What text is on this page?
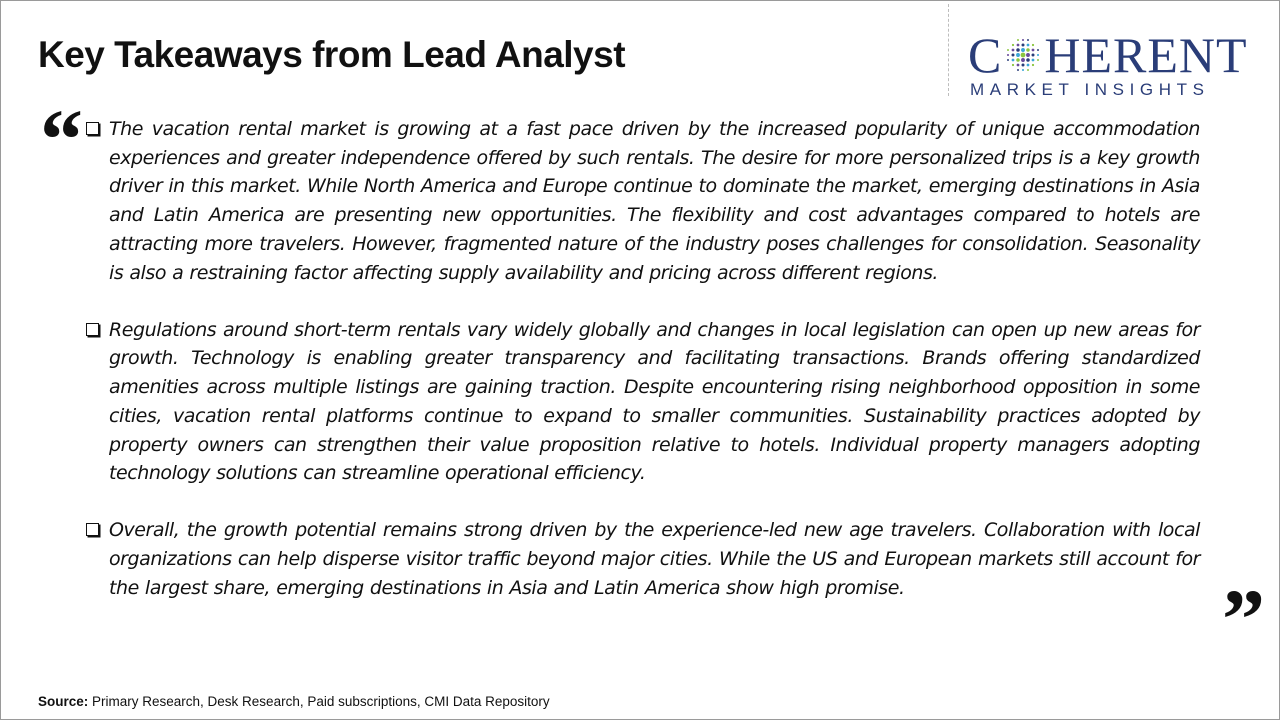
Key Takeaways from Lead Analyst	C HERENT
MARKET INSIGHTS
“	The vacation rental market is growing at a fast pace driven by the increased popularity of unique accommodation experiences and greater independence offered by such rentals. The desire for more personalized trips is a key growth driver in this market. While North America and Europe continue to dominate the market, emerging destinations in Asia and Latin America are presenting new opportunities. The flexibility and cost advantages compared to hotels are attracting more travelers. However, fragmented nature of the industry poses challenges for consolidation. Seasonality is also a restraining factor affecting supply availability and pricing across different regions.

Regulations around short-term rentals vary widely globally and changes in local legislation can open up new areas for growth. Technology is enabling greater transparency and facilitating transactions. Brands offering standardized amenities across multiple listings are gaining traction. Despite encountering rising neighborhood opposition in some cities, vacation rental platforms continue to expand to smaller communities. Sustainability practices adopted by property owners can strengthen their value proposition relative to hotels. Individual property managers adopting technology solutions can streamline operational efficiency.

Overall, the growth potential remains strong driven by the experience-led new age travelers. Collaboration with local organizations can help disperse visitor traffic beyond major cities. While the US and European markets still account for the largest share, emerging destinations in Asia and Latin America show high promise.	”
Source: Primary Research, Desk Research, Paid subscriptions, CMI Data Repository
